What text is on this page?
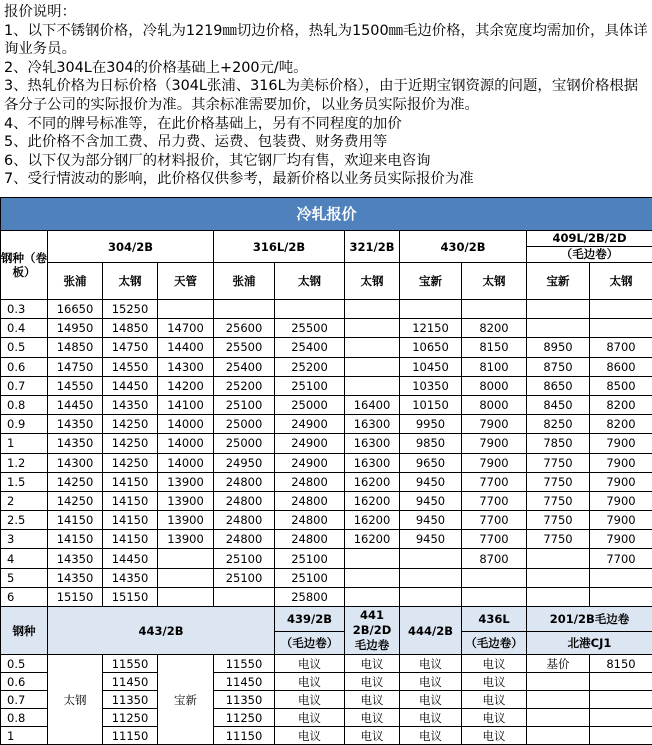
报价说明：
1、以下不锈钢价格，冷轧为1219㎜切边价格，热轧为1500㎜毛边价格，其余宽度均需加价，具体详询业务员。
2、冷轧304L在304的价格基础上+200元/吨。
3、热轧价格为日标价格（304L张浦、316L为美标价格），由于近期宝钢资源的问题，宝钢价格根据各分子公司的实际报价为准。其余标准需要加价，以业务员实际报价为准。
4、不同的牌号标准等，在此价格基础上，另有不同程度的加价
5、此价格不含加工费、吊力费、运费、包装费、财务费用等
6、以下仅为部分钢厂的材料报价，其它钢厂均有售，欢迎来电咨询
7、受行情波动的影响，此价格仅供参考，最新价格以业务员实际报价为准
冷轧报价										
钢种（卷板）	304/2B			316L/2B		321/2B	430/2B		409L/2B/2D
（毛边卷）	

	张浦	太钢	天管	张浦	太钢	太钢	宝新	太钢	宝新	太钢
0.3	16650	15250								
0.4	14950	14850	14700	25600	25500		12150	8200		
0.5	14850	14750	14400	25500	25400		10650	8150	8950	8700
0.6	14750	14550	14300	25400	25200		10450	8100	8750	8600
0.7	14550	14450	14200	25200	25100		10350	8000	8650	8500
0.8	14450	14350	14100	25100	25000	16400	10150	8000	8450	8200
0.9	14350	14250	14000	25000	24900	16300	9950	7900	8250	8200
1	14350	14250	14000	25000	24900	16300	9850	7900	7850	7900
1.2	14300	14250	14000	24950	24900	16300	9650	7900	7750	7900
1.5	14250	14150	13900	24800	24800	16200	9450	7700	7750	7900
2	14250	14150	13900	24800	24800	16200	9450	7700	7750	7900
2.5	14150	14150	13900	24800	24800	16200	9450	7700	7750	7900
3	14150	14150	13900	24800	24800	16200	9450	7700	7750	7900
4	14350	14450		25100	25100			8700		7700
5	14350	14350		25100	25100					
6	15150	15150			25800					
钢种	443/2B				439/2B	441 2B/2D 毛边卷	444/2B	436L	201/2B毛边卷	
					（毛边卷）			（毛边卷）	北港CJ1	
0.5	太钢	11550	宝新	11550	电议	电议	电议	电议	基价	8150
0.6		11450		11450	电议	电议	电议	电议		
0.7		11350		11350	电议	电议	电议	电议		
0.8		11250		11250	电议	电议	电议	电议		
1		11150		11150	电议	电议	电议	电议		
